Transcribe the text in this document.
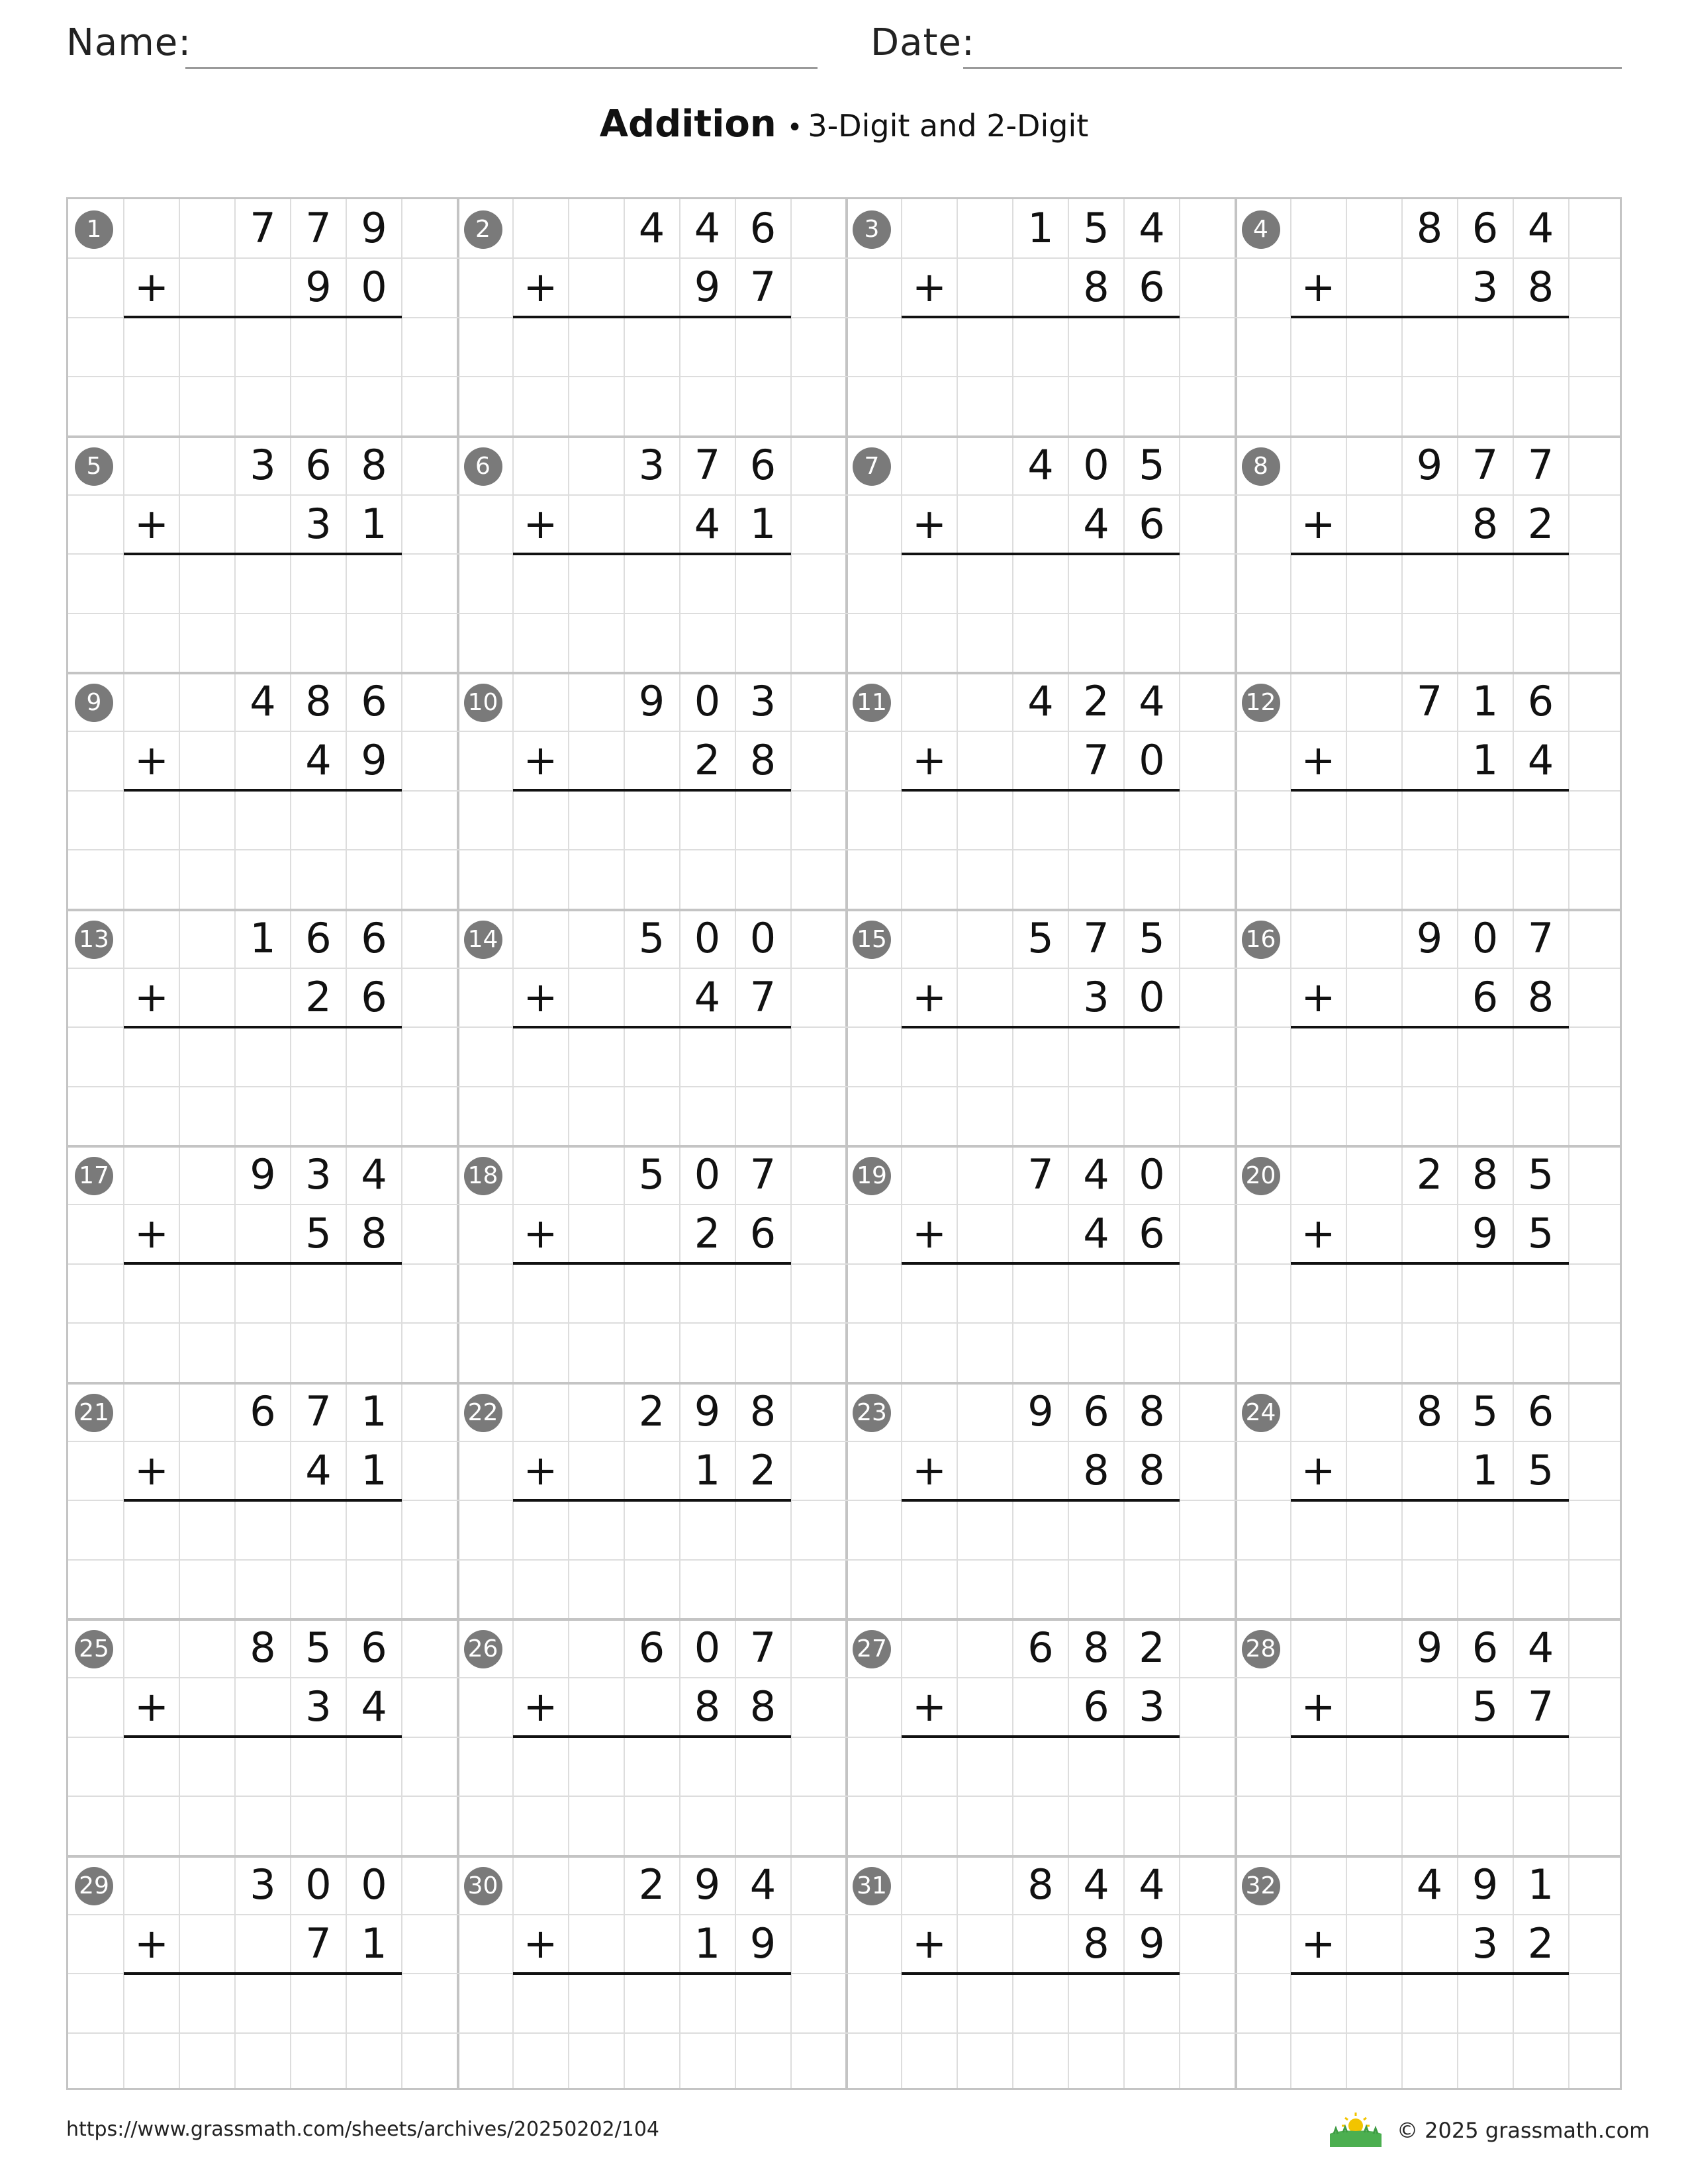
Name:	Date:
Addition • 3-Digit and 2-Digit
1	7 7 9
+	9 0
2	4 4 6
+	9 7
3	1 5 4
+	8 6
4	8 6 4
+	3 8
5	3 6 8
+	3 1
6	3 7 6
+	4 1
7	4 0 5
+	4 6
8	9 7 7
+	8 2
9	4 8 6
+	4 9
10	9 0 3
+	2 8
11	4 2 4
+	7 0
12	7 1 6
+	1 4
13	1 6 6
+	2 6
14	5 0 0
+	4 7
15	5 7 5
+	3 0
16	9 0 7
+	6 8
17	9 3 4
+	5 8
18	5 0 7
+	2 6
19	7 4 0
+	4 6
20	2 8 5
+	9 5
21	6 7 1
+	4 1
22	2 9 8
+	1 2
23	9 6 8
+	8 8
24	8 5 6
+	1 5
25	8 5 6
+	3 4
26	6 0 7
+	8 8
27	6 8 2
+	6 3
28	9 6 4
+	5 7
29	3 0 0
+	7 1
30	2 9 4
+	1 9
31	8 4 4
+	8 9
32	4 9 1
+	3 2
https://www.grassmath.com/sheets/archives/20250202/104	© 2025 grassmath.com
